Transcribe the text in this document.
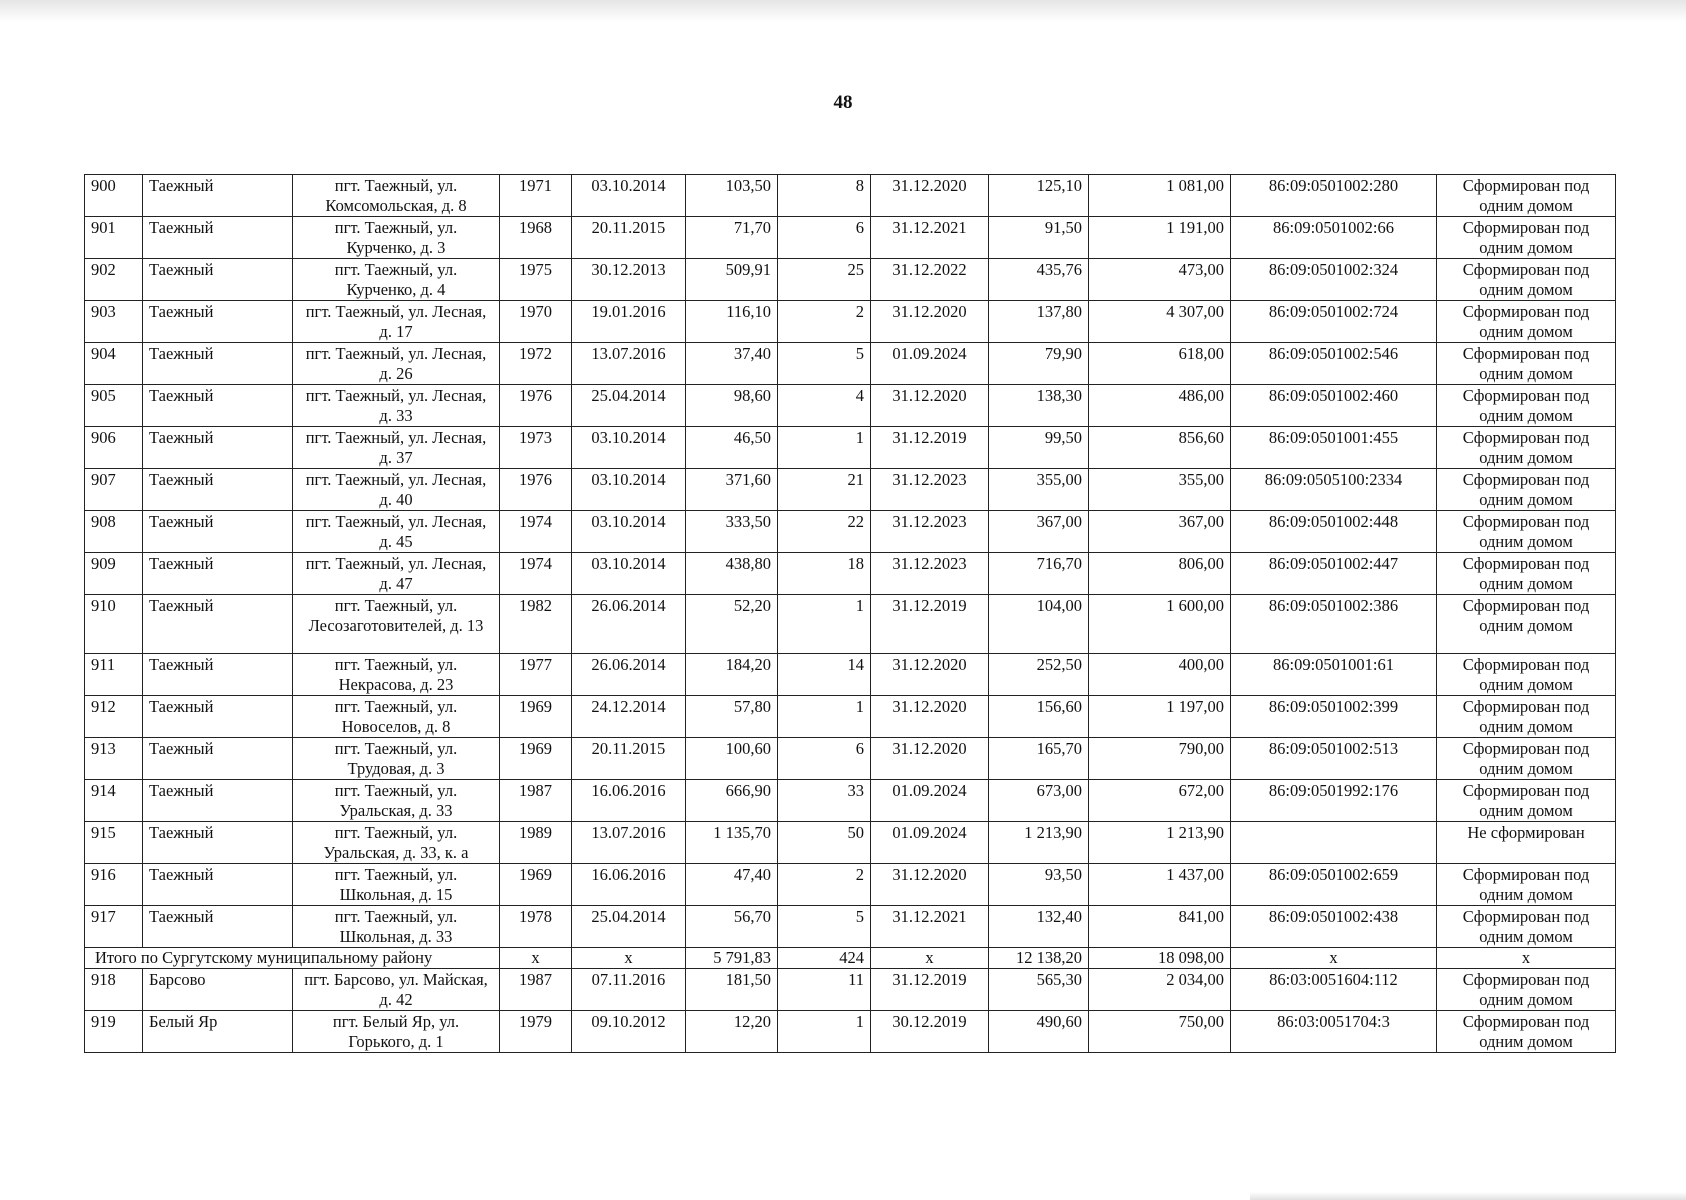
48
900	Таежный	пгт. Таежный, ул. Комсомольская, д. 8	1971	03.10.2014	103,50	8	31.12.2020	125,10	1 081,00	86:09:0501002:280	Сформирован под одним домом
901	Таежный	пгт. Таежный, ул. Курченко, д. 3	1968	20.11.2015	71,70	6	31.12.2021	91,50	1 191,00	86:09:0501002:66	Сформирован под одним домом
902	Таежный	пгт. Таежный, ул. Курченко, д. 4	1975	30.12.2013	509,91	25	31.12.2022	435,76	473,00	86:09:0501002:324	Сформирован под одним домом
903	Таежный	пгт. Таежный, ул. Лесная, д. 17	1970	19.01.2016	116,10	2	31.12.2020	137,80	4 307,00	86:09:0501002:724	Сформирован под одним домом
904	Таежный	пгт. Таежный, ул. Лесная, д. 26	1972	13.07.2016	37,40	5	01.09.2024	79,90	618,00	86:09:0501002:546	Сформирован под одним домом
905	Таежный	пгт. Таежный, ул. Лесная, д. 33	1976	25.04.2014	98,60	4	31.12.2020	138,30	486,00	86:09:0501002:460	Сформирован под одним домом
906	Таежный	пгт. Таежный, ул. Лесная, д. 37	1973	03.10.2014	46,50	1	31.12.2019	99,50	856,60	86:09:0501001:455	Сформирован под одним домом
907	Таежный	пгт. Таежный, ул. Лесная, д. 40	1976	03.10.2014	371,60	21	31.12.2023	355,00	355,00	86:09:0505100:2334	Сформирован под одним домом
908	Таежный	пгт. Таежный, ул. Лесная, д. 45	1974	03.10.2014	333,50	22	31.12.2023	367,00	367,00	86:09:0501002:448	Сформирован под одним домом
909	Таежный	пгт. Таежный, ул. Лесная, д. 47	1974	03.10.2014	438,80	18	31.12.2023	716,70	806,00	86:09:0501002:447	Сформирован под одним домом
910	Таежный	пгт. Таежный, ул. Лесозаготовителей, д. 13	1982	26.06.2014	52,20	1	31.12.2019	104,00	1 600,00	86:09:0501002:386	Сформирован под одним домом
911	Таежный	пгт. Таежный, ул. Некрасова, д. 23	1977	26.06.2014	184,20	14	31.12.2020	252,50	400,00	86:09:0501001:61	Сформирован под одним домом
912	Таежный	пгт. Таежный, ул. Новоселов, д. 8	1969	24.12.2014	57,80	1	31.12.2020	156,60	1 197,00	86:09:0501002:399	Сформирован под одним домом
913	Таежный	пгт. Таежный, ул. Трудовая, д. 3	1969	20.11.2015	100,60	6	31.12.2020	165,70	790,00	86:09:0501002:513	Сформирован под одним домом
914	Таежный	пгт. Таежный, ул. Уральская, д. 33	1987	16.06.2016	666,90	33	01.09.2024	673,00	672,00	86:09:0501992:176	Сформирован под одним домом
915	Таежный	пгт. Таежный, ул. Уральская, д. 33, к. а	1989	13.07.2016	1 135,70	50	01.09.2024	1 213,90	1 213,90		Не сформирован
916	Таежный	пгт. Таежный, ул. Школьная, д. 15	1969	16.06.2016	47,40	2	31.12.2020	93,50	1 437,00	86:09:0501002:659	Сформирован под одним домом
917	Таежный	пгт. Таежный, ул. Школьная, д. 33	1978	25.04.2014	56,70	5	31.12.2021	132,40	841,00	86:09:0501002:438	Сформирован под одним домом
Итого по Сургутскому муниципальному району			х	х	5 791,83	424	х	12 138,20	18 098,00	х	х
918	Барсово	пгт. Барсово, ул. Майская, д. 42	1987	07.11.2016	181,50	11	31.12.2019	565,30	2 034,00	86:03:0051604:112	Сформирован под одним домом
919	Белый Яр	пгт. Белый Яр, ул. Горького, д. 1	1979	09.10.2012	12,20	1	30.12.2019	490,60	750,00	86:03:0051704:3	Сформирован под одним домом
